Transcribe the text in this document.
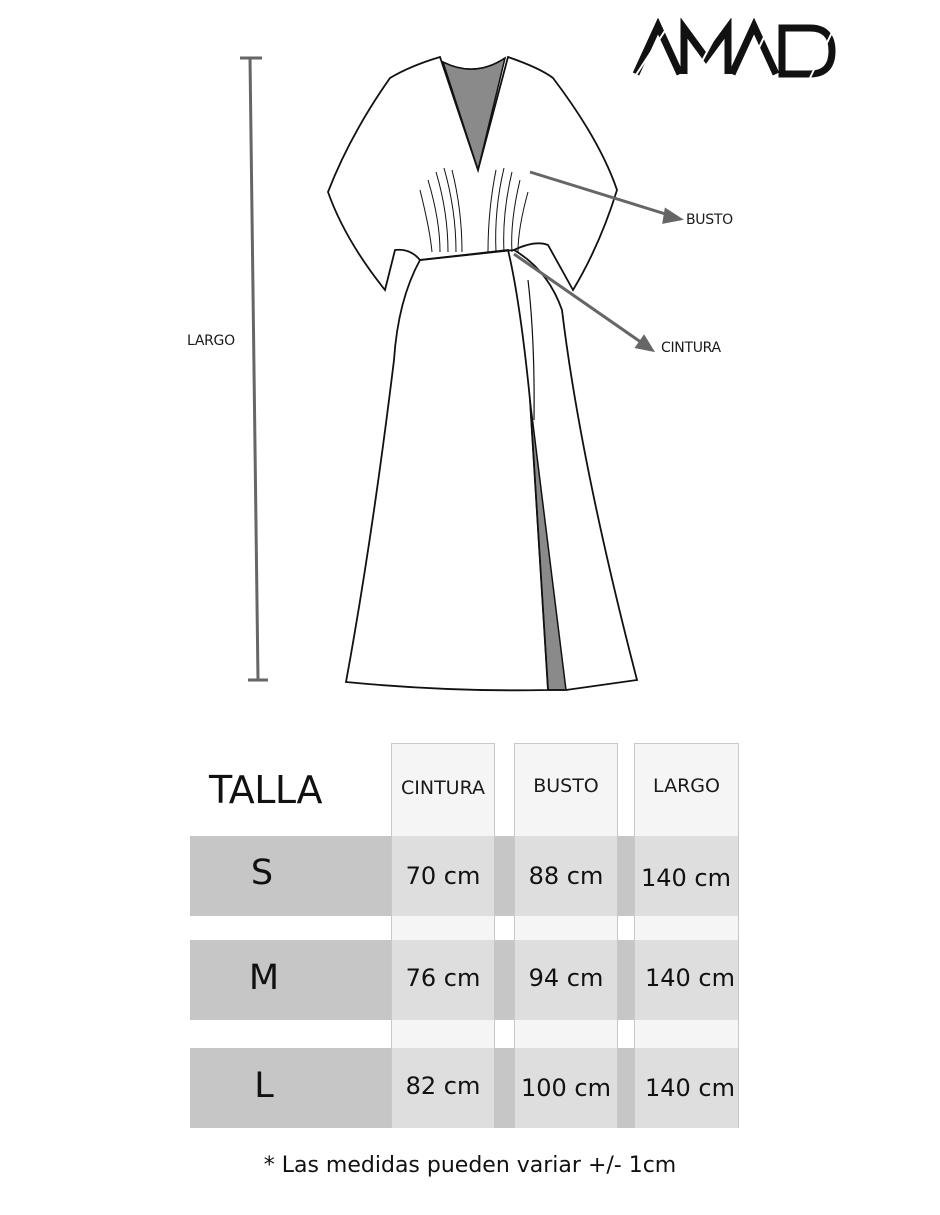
LARGO
BUSTO
CINTURA
TALLA	CINTURA	BUSTO	LARGO
S	70 cm	88 cm	140 cm
M	76 cm	94 cm	140 cm
L	82 cm	100 cm 140 cm
* Las medidas pueden variar +/- 1cm
